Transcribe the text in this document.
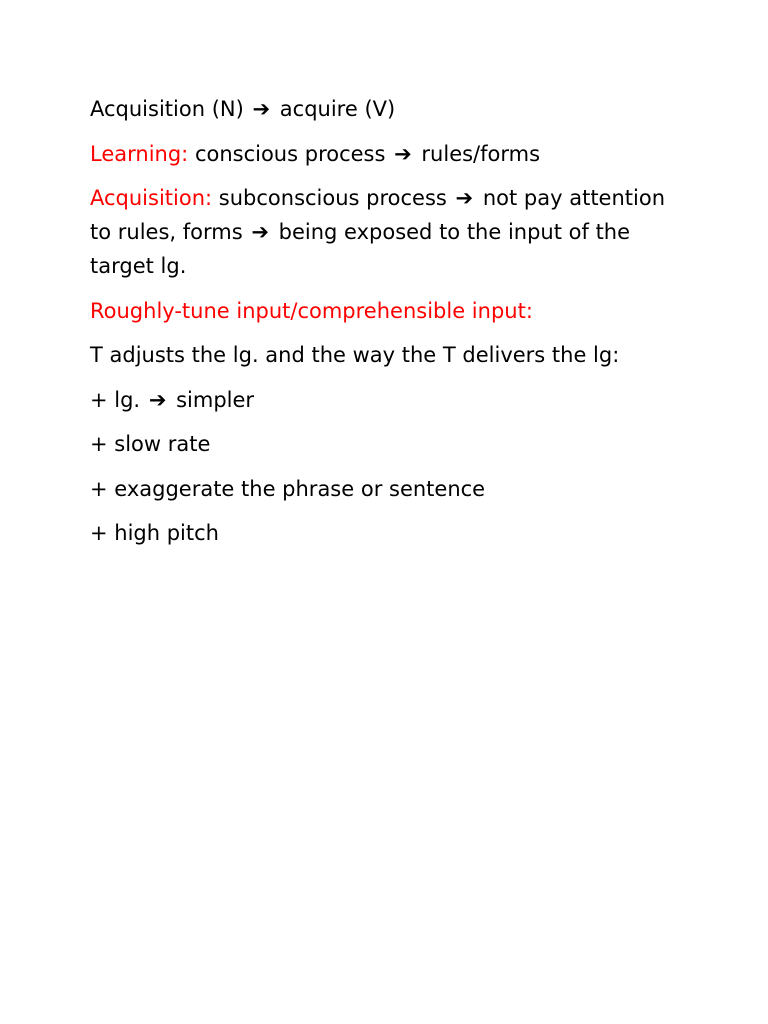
Acquisition (N) ➔ acquire (V)

Learning: conscious process ➔ rules/forms

Acquisition: subconscious process ➔ not pay attention to rules, forms ➔ being exposed to the input of the target lg.

Roughly-tune input/comprehensible input:

T adjusts the lg. and the way the T delivers the lg:

+ lg. ➔ simpler

+ slow rate

+ exaggerate the phrase or sentence

+ high pitch
